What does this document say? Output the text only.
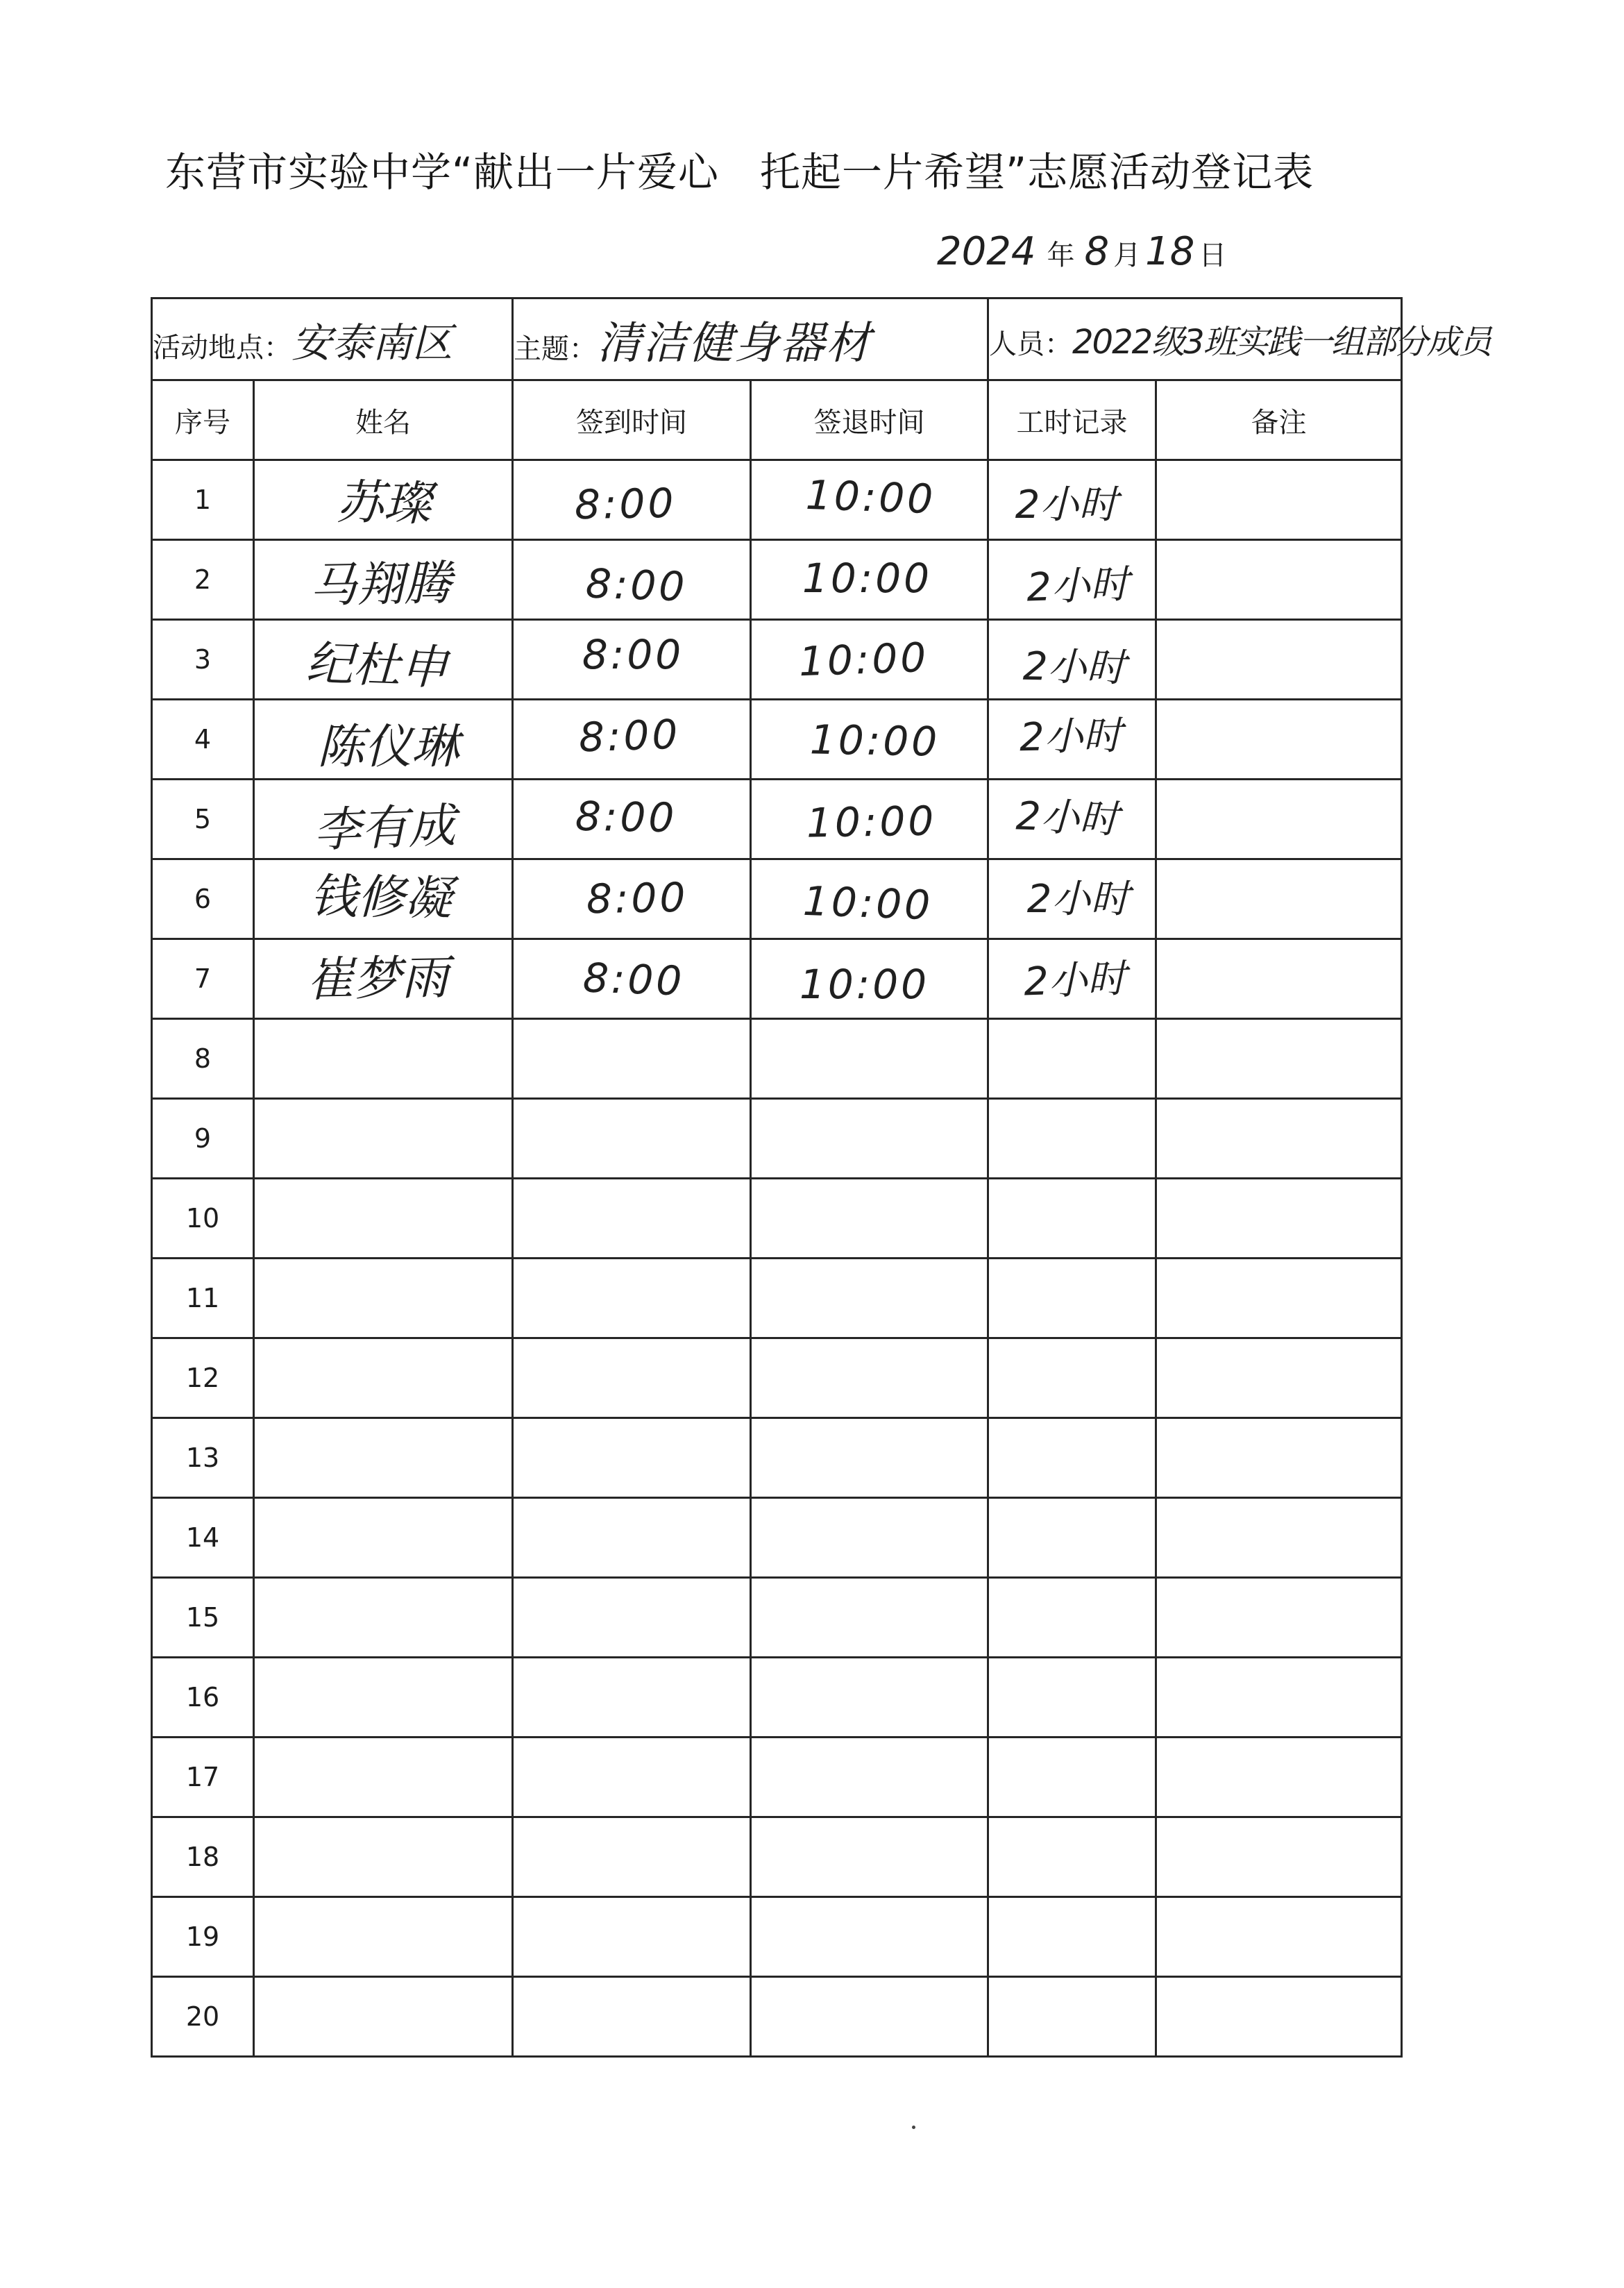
东营市实验中学“献出一片爱心　托起一片希望”志愿活动登记表
2024 年 8 月 18 日
活动地点：安泰南区		主题：清洁健身器材		人员：2022级3班实践一组部分成员	
序号	姓名	签到时间	签退时间	工时记录	备注
1	苏璨	8:00	10:00	2小时	
2	马翔腾	8:00	10:00	2小时	
3	纪杜申	8:00	10:00	2小时	
4	陈仪琳	8:00	10:00	2小时	
5	李有成	8:00	10:00	2小时	
6	钱修凝	8:00	10:00	2小时	
7	崔梦雨	8:00	10:00	2小时	
8					
9					
10					
11					
12					
13					
14					
15					
16					
17					
18					
19					
20					
